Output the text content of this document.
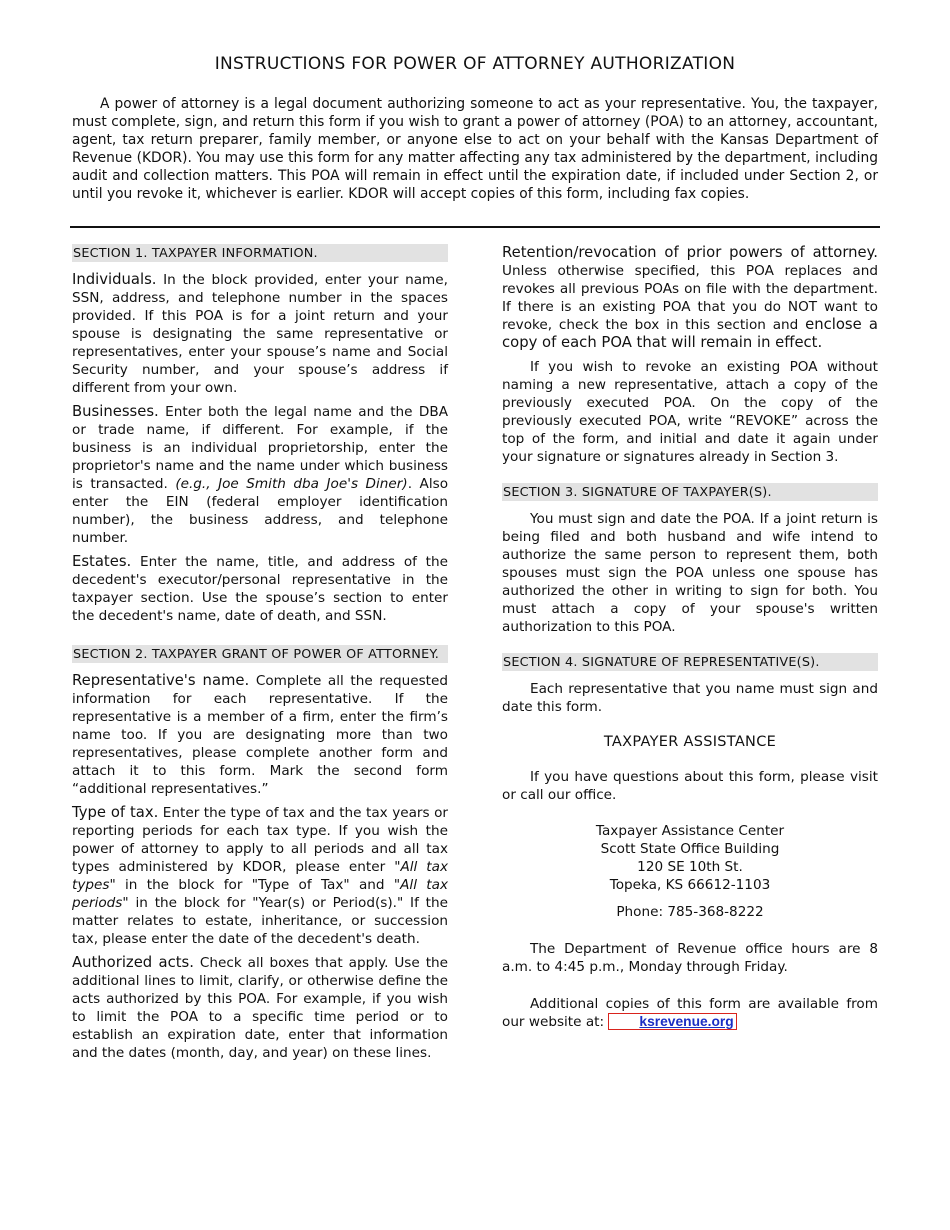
INSTRUCTIONS FOR POWER OF ATTORNEY AUTHORIZATION

A power of attorney is a legal document authorizing someone to act as your representative. You, the taxpayer, must complete, sign, and return this form if you wish to grant a power of attorney (POA) to an attorney, accountant, agent, tax return preparer, family member, or anyone else to act on your behalf with the Kansas Department of Revenue (KDOR). You may use this form for any matter affecting any tax administered by the department, including audit and collection matters. This POA will remain in effect until the expiration date, if included under Section 2, or until you revoke it, whichever is earlier. KDOR will accept copies of this form, including fax copies.

SECTION 1. TAXPAYER INFORMATION.

Individuals. In the block provided, enter your name, SSN, address, and telephone number in the spaces provided. If this POA is for a joint return and your spouse is designating the same representative or representatives, enter your spouse’s name and Social Security number, and your spouse’s address if different from your own.

Businesses. Enter both the legal name and the DBA or trade name, if different. For example, if the business is an individual proprietorship, enter the proprietor's name and the name under which business is transacted. (e.g., Joe Smith dba Joe's Diner). Also enter the EIN (federal employer identification number), the business address, and telephone number.

Estates. Enter the name, title, and address of the decedent's executor/personal representative in the taxpayer section. Use the spouse’s section to enter the decedent's name, date of death, and SSN.

SECTION 2. TAXPAYER GRANT OF POWER OF ATTORNEY.

Representative's name. Complete all the requested information for each representative. If the representative is a member of a firm, enter the firm’s name too. If you are designating more than two representatives, please complete another form and attach it to this form. Mark the second form “additional representatives.”

Type of tax. Enter the type of tax and the tax years or reporting periods for each tax type. If you wish the power of attorney to apply to all periods and all tax types administered by KDOR, please enter "All tax types" in the block for "Type of Tax" and "All tax periods" in the block for "Year(s) or Period(s)." If the matter relates to estate, inheritance, or succession tax, please enter the date of the decedent's death.

Authorized acts. Check all boxes that apply. Use the additional lines to limit, clarify, or otherwise define the acts authorized by this POA. For example, if you wish to limit the POA to a specific time period or to establish an expiration date, enter that information and the dates (month, day, and year) on these lines.

Retention/revocation of prior powers of attorney. Unless otherwise specified, this POA replaces and revokes all previous POAs on file with the department. If there is an existing POA that you do NOT want to revoke, check the box in this section and enclose a copy of each POA that will remain in effect.

If you wish to revoke an existing POA without naming a new representative, attach a copy of the previously executed POA. On the copy of the previously executed POA, write “REVOKE” across the top of the form, and initial and date it again under your signature or signatures already in Section 3.

SECTION 3. SIGNATURE OF TAXPAYER(S).

You must sign and date the POA. If a joint return is being filed and both husband and wife intend to authorize the same person to represent them, both spouses must sign the POA unless one spouse has authorized the other in writing to sign for both. You must attach a copy of your spouse's written authorization to this POA.

SECTION 4. SIGNATURE OF REPRESENTATIVE(S).

Each representative that you name must sign and date this form.

TAXPAYER ASSISTANCE

If you have questions about this form, please visit or call our office.

Taxpayer Assistance Center

Scott State Office Building

120 SE 10th St.

Topeka, KS 66612-1103

Phone: 785-368-8222

The Department of Revenue office hours are 8 a.m. to 4:45 p.m., Monday through Friday.

Additional copies of this form are available from our website at:	ksrevenue.org
